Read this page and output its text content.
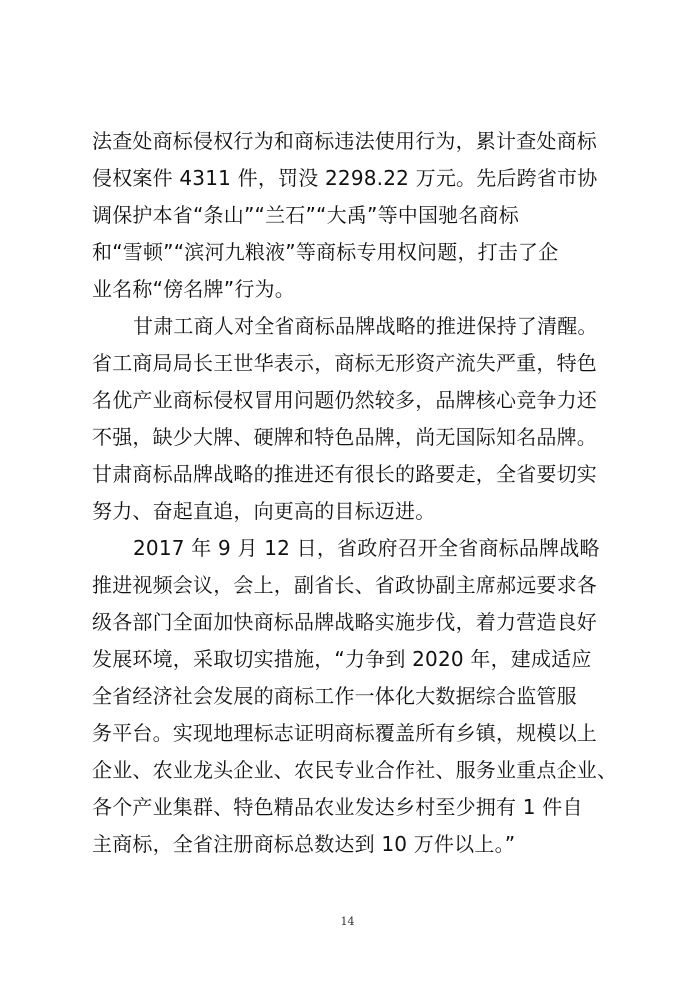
法查处商标侵权行为和商标违法使用行为，累计查处商标
侵权案件 4311 件，罚没 2298.22 万元。先后跨省市协
调保护本省“条山”“兰石”“大禹”等中国驰名商标
和“雪顿”“滨河九粮液”等商标专用权问题，打击了企
业名称“傍名牌”行为。
甘肃工商人对全省商标品牌战略的推进保持了清醒。
省工商局局长王世华表示，商标无形资产流失严重，特色
名优产业商标侵权冒用问题仍然较多，品牌核心竞争力还
不强，缺少大牌、硬牌和特色品牌，尚无国际知名品牌。
甘肃商标品牌战略的推进还有很长的路要走，全省要切实
努力、奋起直追，向更高的目标迈进。
2017 年 9 月 12 日，省政府召开全省商标品牌战略
推进视频会议，会上，副省长、省政协副主席郝远要求各
级各部门全面加快商标品牌战略实施步伐，着力营造良好
发展环境，采取切实措施，“力争到 2020 年，建成适应
全省经济社会发展的商标工作一体化大数据综合监管服
务平台。实现地理标志证明商标覆盖所有乡镇，规模以上
企业、农业龙头企业、农民专业合作社、服务业重点企业、
各个产业集群、特色精品农业发达乡村至少拥有 1 件自
主商标，全省注册商标总数达到 10 万件以上。”
14
